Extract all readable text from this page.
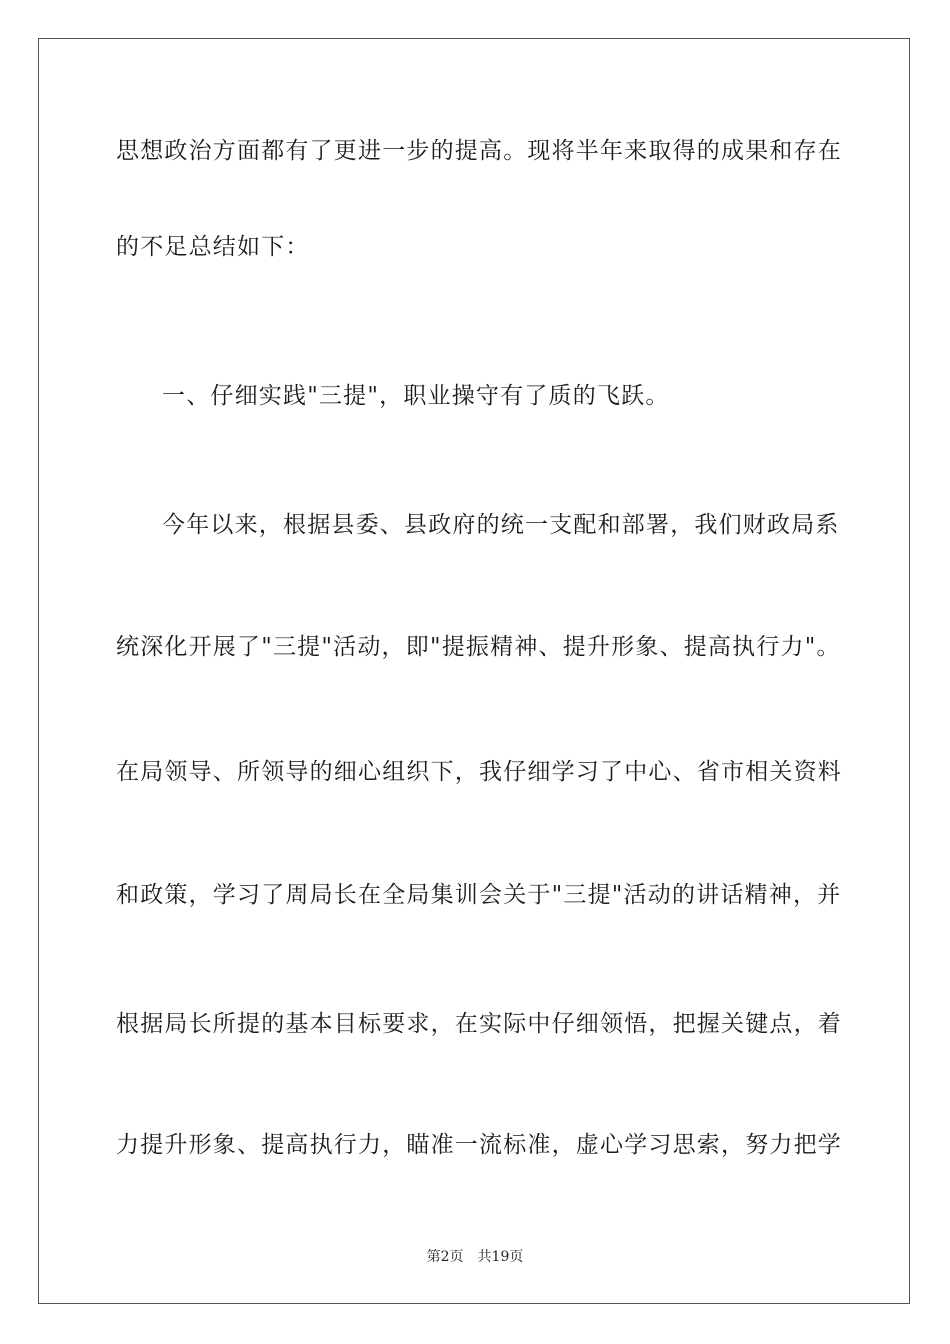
思想政治方面都有了更进一步的提高。现将半年来取得的成果和存在
的不足总结如下：
一、仔细实践"三提"，职业操守有了质的飞跃。
今年以来，根据县委、县政府的统一支配和部署，我们财政局系
统深化开展了"三提"活动，即"提振精神、提升形象、提高执行力"。
在局领导、所领导的细心组织下，我仔细学习了中心、省市相关资料
和政策，学习了周局长在全局集训会关于"三提"活动的讲话精神，并
根据局长所提的基本目标要求，在实际中仔细领悟，把握关键点，着
力提升形象、提高执行力，瞄准一流标准，虚心学习思索，努力把学
第2页 共19页
